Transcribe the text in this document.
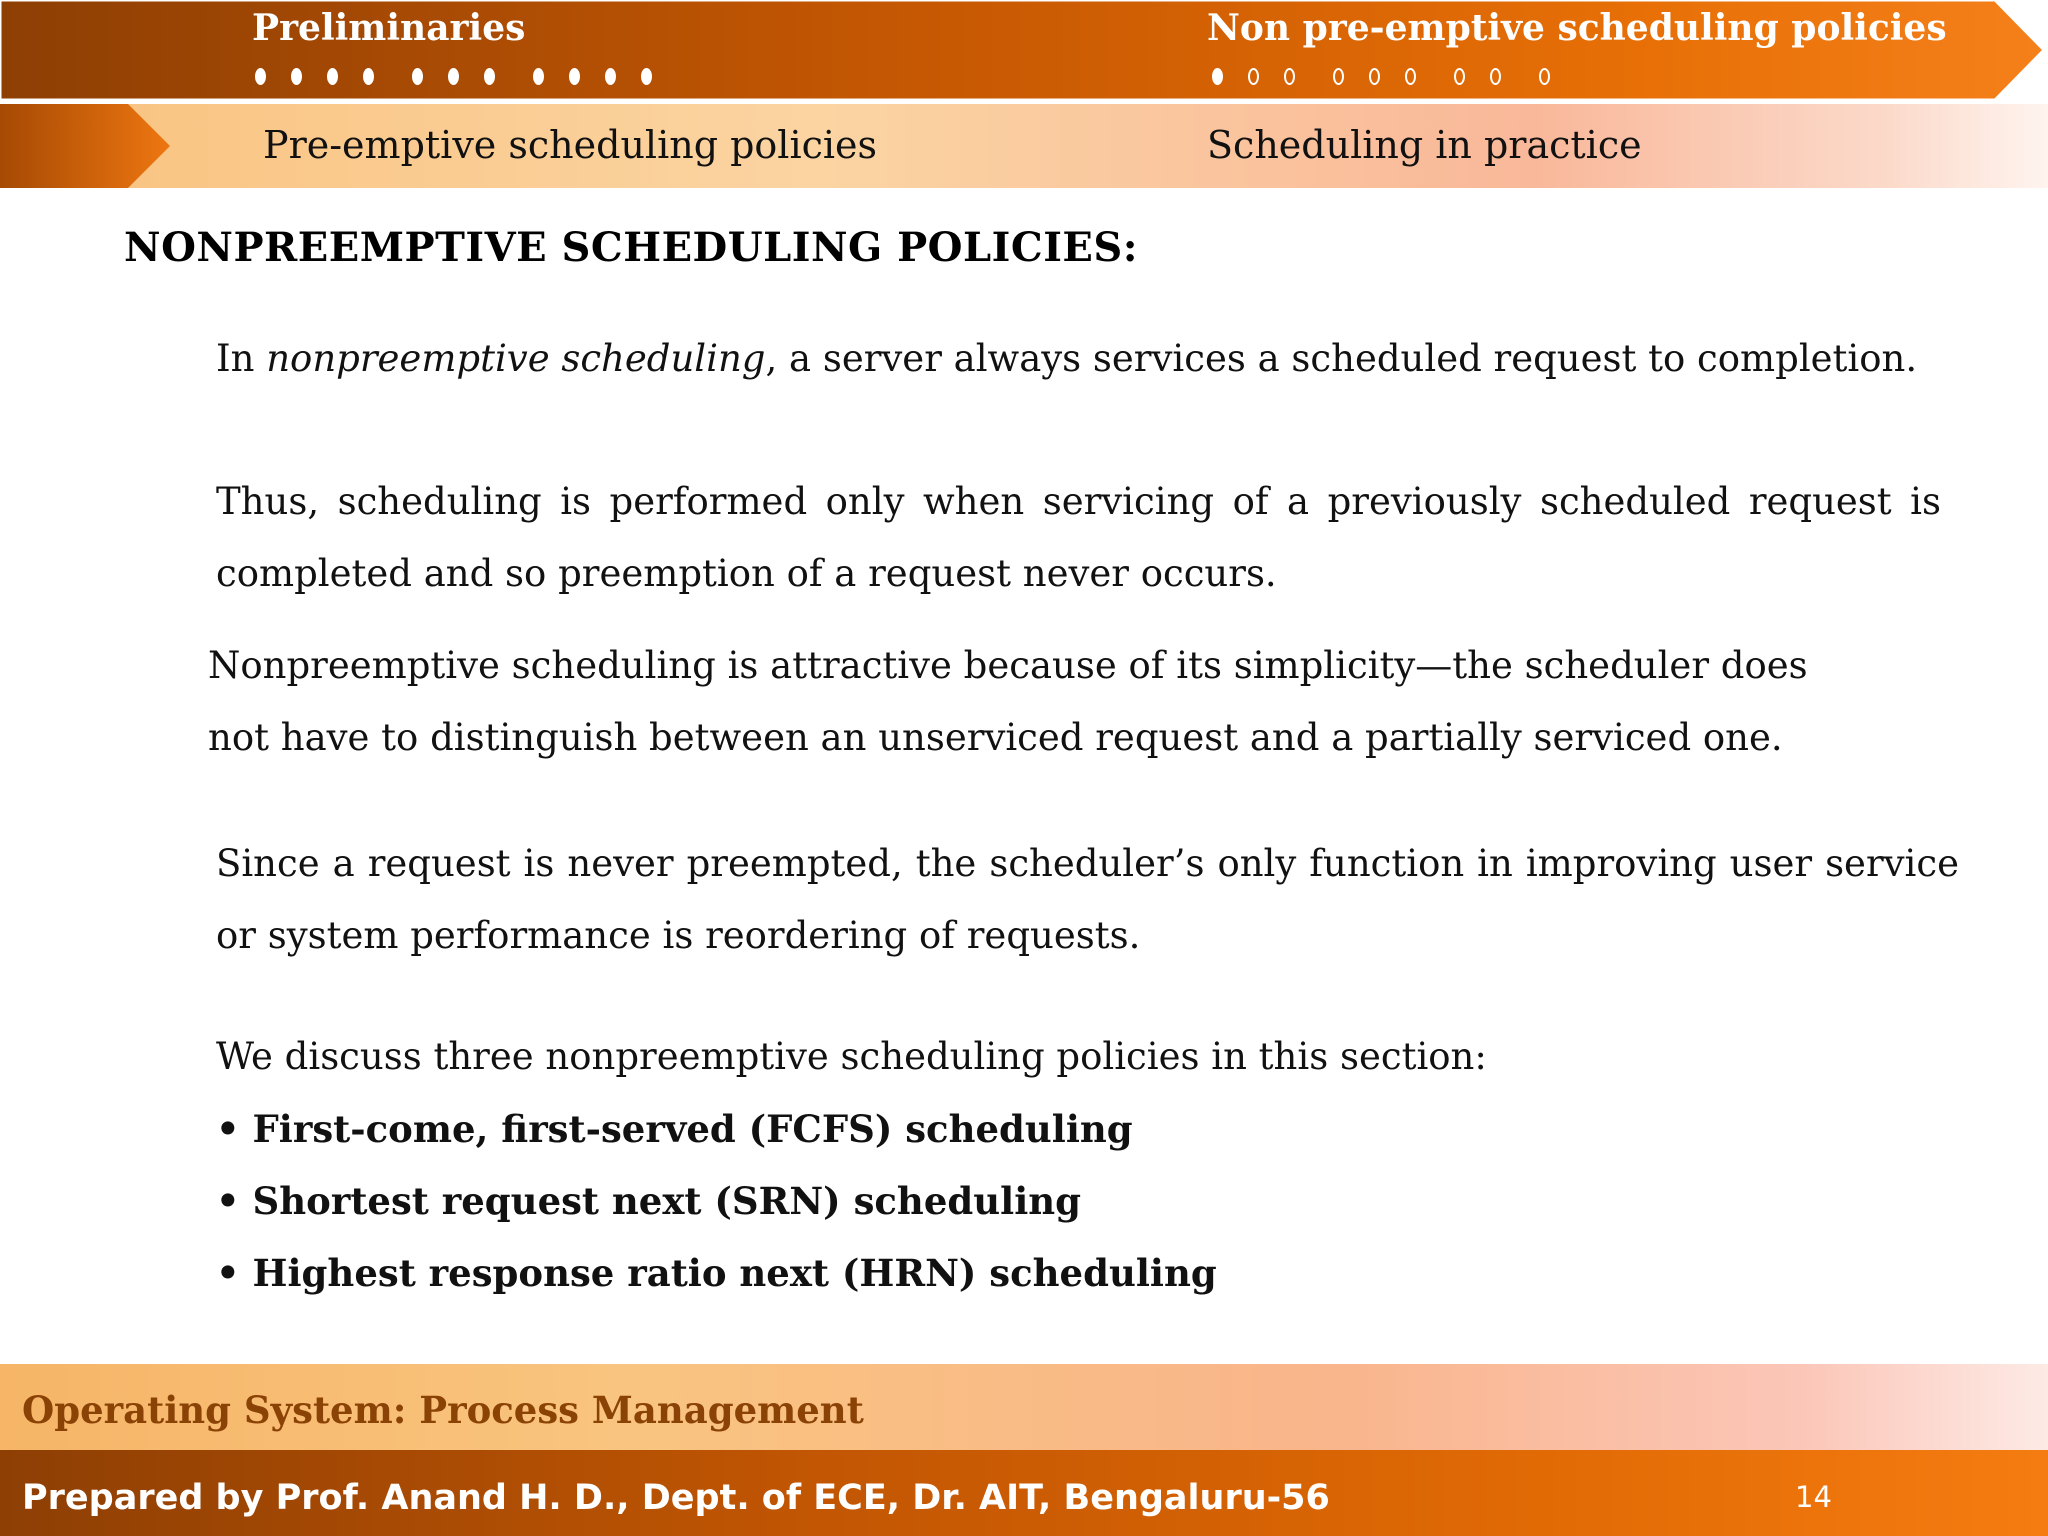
Preliminaries	Non pre-emptive scheduling policies
Pre-emptive scheduling policies	Scheduling in practice
NONPREEMPTIVE SCHEDULING POLICIES:
In nonpreemptive scheduling, a server always services a scheduled request to completion.
Thus, scheduling is performed only when servicing of a previously scheduled request is completed and so preemption of a request never occurs.
Nonpreemptive scheduling is attractive because of its simplicity—the scheduler does
not have to distinguish between an unserviced request and a partially serviced one.
Since a request is never preempted, the scheduler’s only function in improving user service or system performance is reordering of requests.
We discuss three nonpreemptive scheduling policies in this section:
• First-come, first-served (FCFS) scheduling
• Shortest request next (SRN) scheduling
• Highest response ratio next (HRN) scheduling
Operating System: Process Management
Prepared by Prof. Anand H. D., Dept. of ECE, Dr. AIT, Bengaluru-56	14
